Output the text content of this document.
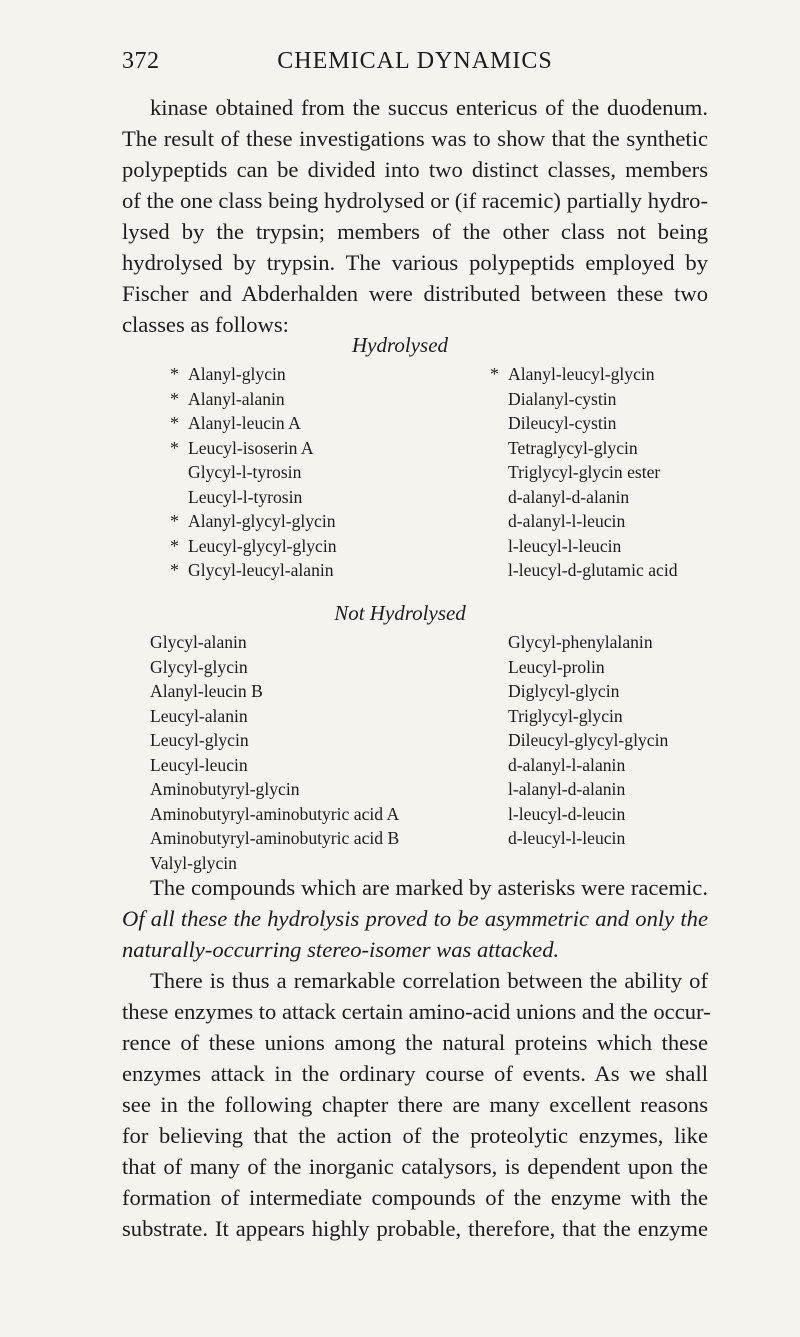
372	CHEMICAL DYNAMICS
kinase obtained from the succus entericus of the duodenum.
The result of these investigations was to show that the synthetic
polypeptids can be divided into two distinct classes, members
of the one class being hydrolysed or (if racemic) partially hydro-
lysed by the trypsin; members of the other class not being
hydrolysed by trypsin. The various polypeptids employed by
Fischer and Abderhalden were distributed between these two
classes as follows:
Hydrolysed
* Alanyl-glycin
* Alanyl-alanin
* Alanyl-leucin A
* Leucyl-isoserin A
Glycyl-l-tyrosin
Leucyl-l-tyrosin
* Alanyl-glycyl-glycin
* Leucyl-glycyl-glycin
* Glycyl-leucyl-alanin
* Alanyl-leucyl-glycin
Dialanyl-cystin
Dileucyl-cystin
Tetraglycyl-glycin
Triglycyl-glycin ester
d-alanyl-d-alanin
d-alanyl-l-leucin
l-leucyl-l-leucin
l-leucyl-d-glutamic acid
Not Hydrolysed
Glycyl-alanin
Glycyl-glycin
Alanyl-leucin B
Leucyl-alanin
Leucyl-glycin
Leucyl-leucin
Aminobutyryl-glycin
Aminobutyryl-aminobutyric acid A
Aminobutyryl-aminobutyric acid B
Valyl-glycin
Glycyl-phenylalanin
Leucyl-prolin
Diglycyl-glycin
Triglycyl-glycin
Dileucyl-glycyl-glycin
d-alanyl-l-alanin
l-alanyl-d-alanin
l-leucyl-d-leucin
d-leucyl-l-leucin
The compounds which are marked by asterisks were racemic.
Of all these the hydrolysis proved to be asymmetric and only the
naturally-occurring stereo-isomer was attacked.
There is thus a remarkable correlation between the ability of
these enzymes to attack certain amino-acid unions and the occur-
rence of these unions among the natural proteins which these
enzymes attack in the ordinary course of events. As we shall
see in the following chapter there are many excellent reasons
for believing that the action of the proteolytic enzymes, like
that of many of the inorganic catalysors, is dependent upon the
formation of intermediate compounds of the enzyme with the
substrate. It appears highly probable, therefore, that the enzyme
